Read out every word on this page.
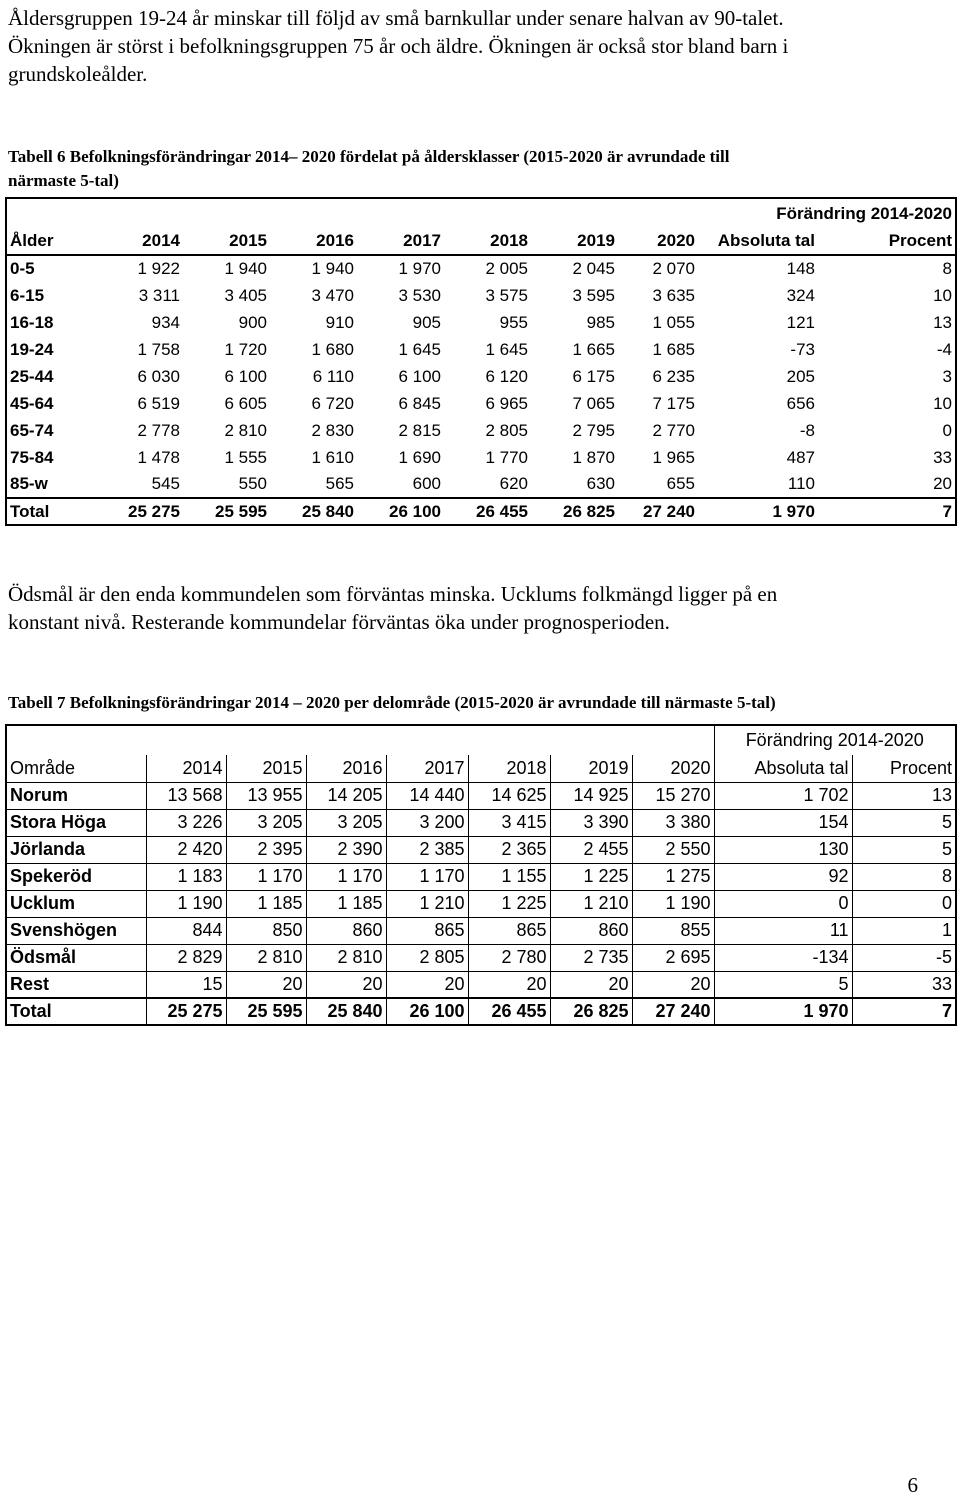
Åldersgruppen 19-24 år minskar till följd av små barnkullar under senare halvan av 90-talet.
Ökningen är störst i befolkningsgruppen 75 år och äldre. Ökningen är också stor bland barn i
grundskoleålder.

Tabell 6 Befolkningsförändringar 2014– 2020 fördelat på åldersklasser (2015-2020 är avrundade till
närmaste 5-tal)

								Förändring 2014-2020	
Ålder	2014	2015	2016	2017	2018	2019	2020	Absoluta tal	Procent
0-5	1 922	1 940	1 940	1 970	2 005	2 045	2 070	148	8
6-15	3 311	3 405	3 470	3 530	3 575	3 595	3 635	324	10
16-18	934	900	910	905	955	985	1 055	121	13
19-24	1 758	1 720	1 680	1 645	1 645	1 665	1 685	-73	-4
25-44	6 030	6 100	6 110	6 100	6 120	6 175	6 235	205	3
45-64	6 519	6 605	6 720	6 845	6 965	7 065	7 175	656	10
65-74	2 778	2 810	2 830	2 815	2 805	2 795	2 770	-8	0
75-84	1 478	1 555	1 610	1 690	1 770	1 870	1 965	487	33
85-w	545	550	565	600	620	630	655	110	20
Total	25 275	25 595	25 840	26 100	26 455	26 825	27 240	1 970	7

Ödsmål är den enda kommundelen som förväntas minska. Ucklums folkmängd ligger på en
konstant nivå. Resterande kommundelar förväntas öka under prognosperioden.

Tabell 7 Befolkningsförändringar 2014 – 2020 per delområde (2015-2020 är avrundade till närmaste 5-tal)

								Förändring 2014-2020	
Område	2014	2015	2016	2017	2018	2019	2020	Absoluta tal	Procent
Norum	13 568	13 955	14 205	14 440	14 625	14 925	15 270	1 702	13
Stora Höga	3 226	3 205	3 205	3 200	3 415	3 390	3 380	154	5
Jörlanda	2 420	2 395	2 390	2 385	2 365	2 455	2 550	130	5
Spekeröd	1 183	1 170	1 170	1 170	1 155	1 225	1 275	92	8
Ucklum	1 190	1 185	1 185	1 210	1 225	1 210	1 190	0	0
Svenshögen	844	850	860	865	865	860	855	11	1
Ödsmål	2 829	2 810	2 810	2 805	2 780	2 735	2 695	-134	-5
Rest	15	20	20	20	20	20	20	5	33
Total	25 275	25 595	25 840	26 100	26 455	26 825	27 240	1 970	7
6
